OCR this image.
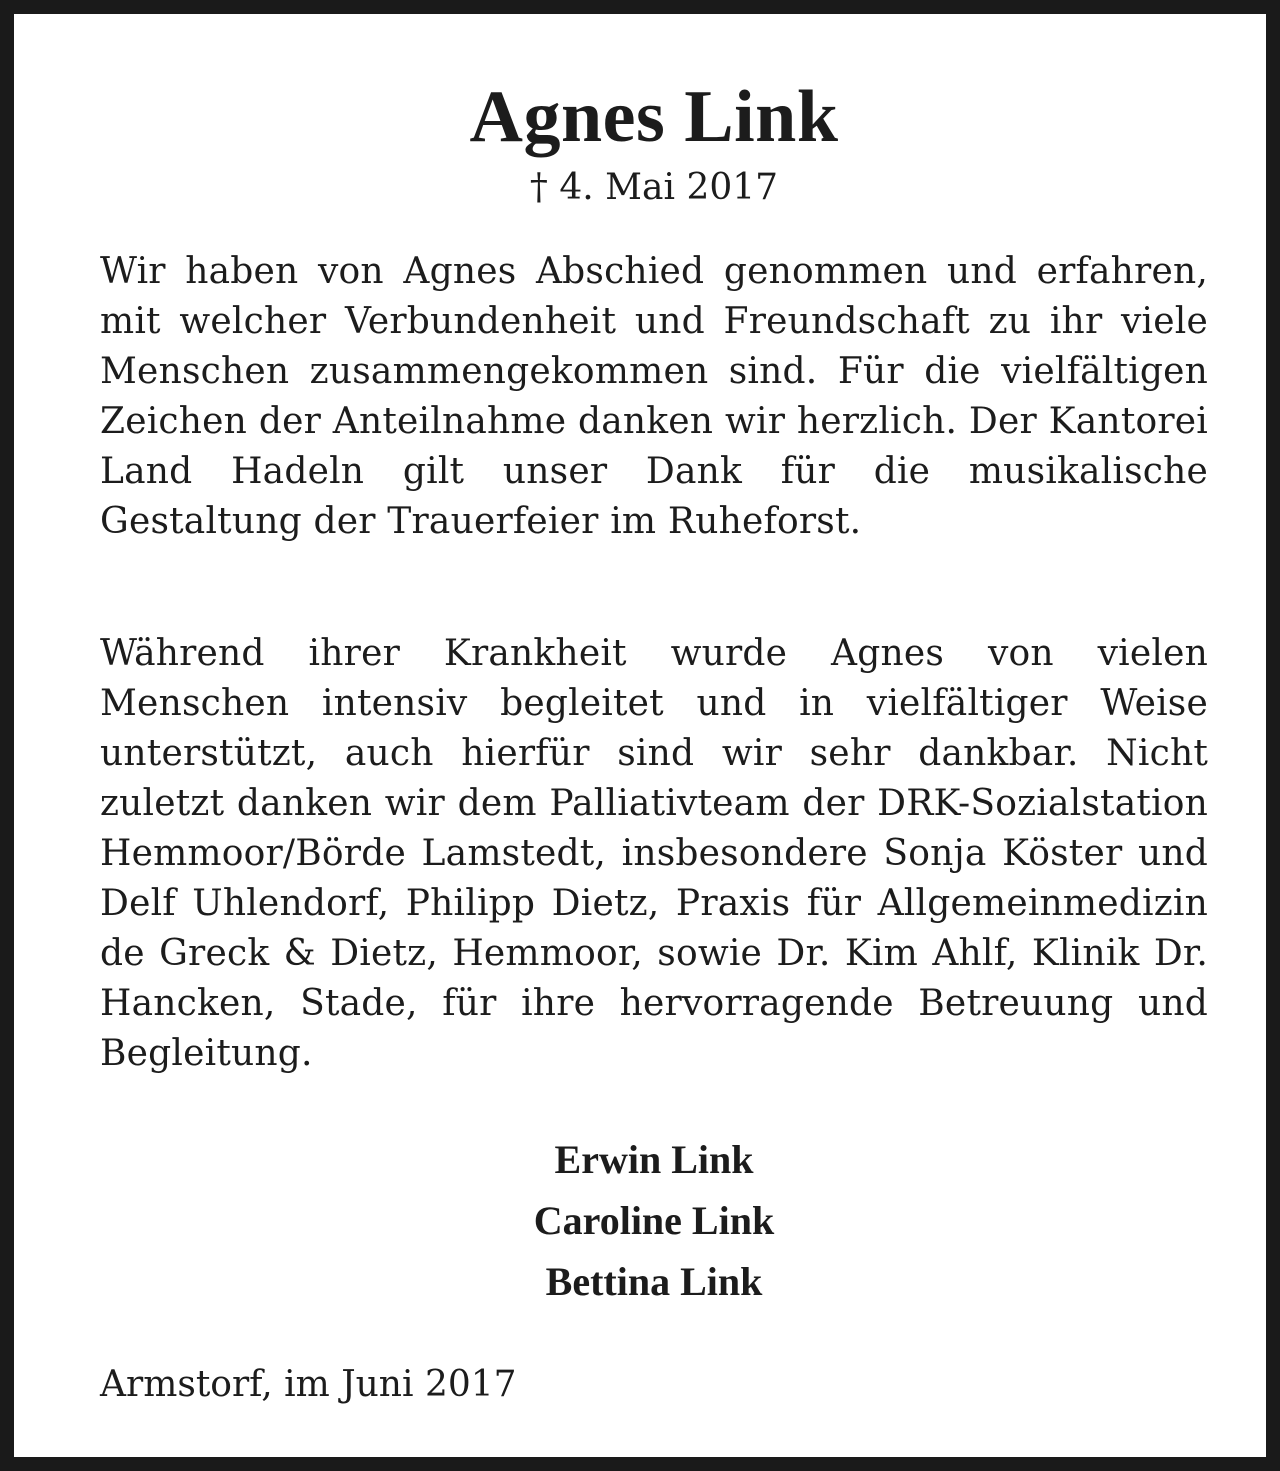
Agnes Link

† 4. Mai 2017

Wir haben von Agnes Abschied genommen und erfahren, mit welcher Verbundenheit und Freundschaft zu ihr viele Menschen zusammengekommen sind. Für die vielfältigen Zeichen der Anteilnahme danken wir herzlich. Der Kantorei Land Hadeln gilt unser Dank für die musikalische Gestaltung der Trauerfeier im Ruheforst.

Während ihrer Krankheit wurde Agnes von vielen Menschen intensiv begleitet und in vielfältiger Weise unterstützt, auch hierfür sind wir sehr dankbar. Nicht zuletzt danken wir dem Palliativteam der DRK-Sozialstation Hemmoor/Börde Lamstedt, insbesondere Sonja Köster und Delf Uhlendorf, Philipp Dietz, Praxis für Allgemeinmedizin de Greck & Dietz, Hemmoor, sowie Dr. Kim Ahlf, Klinik Dr. Hancken, Stade, für ihre hervorragende Betreuung und Begleitung.

Erwin Link
Caroline Link
Bettina Link

Armstorf, im Juni 2017
